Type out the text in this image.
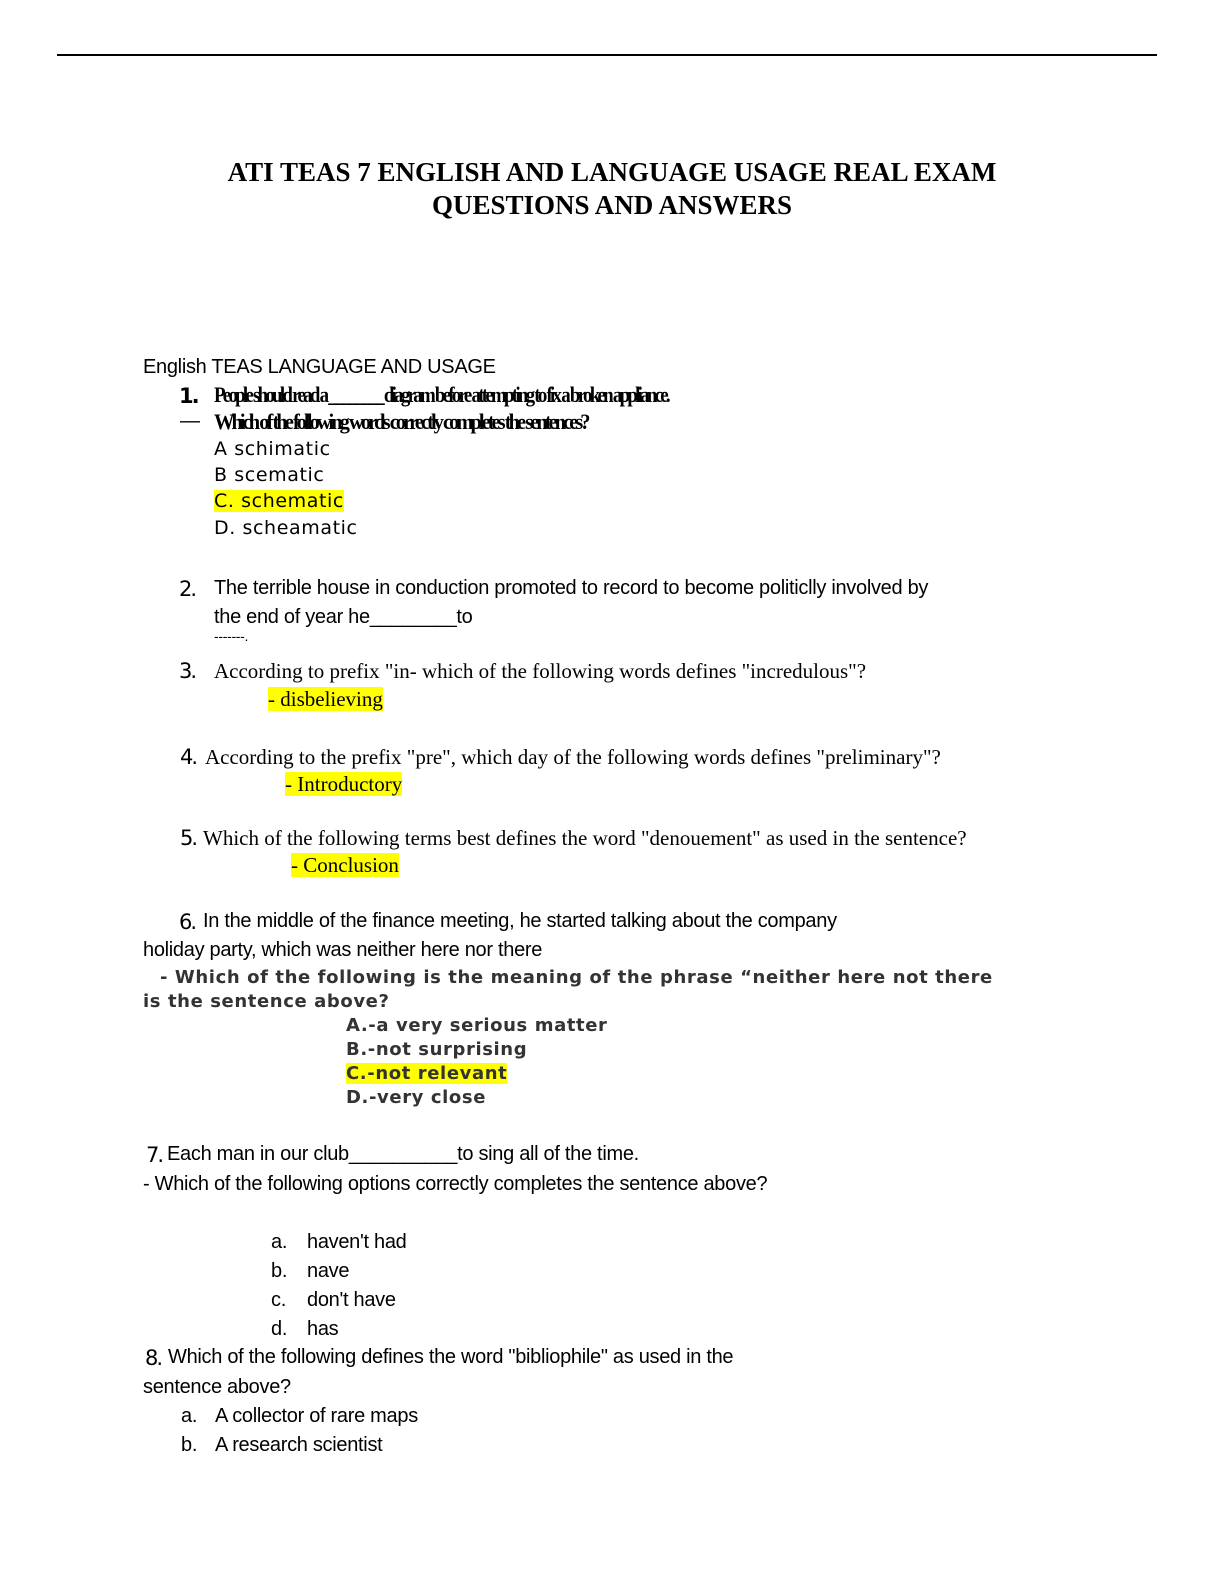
ATI TEAS 7 ENGLISH AND LANGUAGE USAGE REAL EXAM
QUESTIONS AND ANSWERS
English TEAS LANGUAGE AND USAGE
1. People should read a ________ diagram before attempting to fix a broken appliance.
— Which of the following words correctly completes the sentences?
A schimatic
B scematic
C. schematic
D. scheamatic
2. The terrible house in conduction promoted to record to become politiclly involved by
the end of year he________to
-------.
3. According to prefix "in- which of the following words defines "incredulous"?
- disbelieving
4. According to the prefix "pre", which day of the following words defines "preliminary"?
- Introductory
5. Which of the following terms best defines the word "denouement" as used in the sentence?
- Conclusion
6. In the middle of the finance meeting, he started talking about the company
holiday party, which was neither here nor there
- Which of the following is the meaning of the phrase “neither here not there
is the sentence above?
A.-a very serious matter
B.-not surprising
C.-not relevant
D.-very close
7. Each man in our club__________to sing all of the time.
- Which of the following options correctly completes the sentence above?
a. haven't had
b. nave
c. don't have
d. has
8. Which of the following defines the word "bibliophile" as used in the
sentence above?
a. A collector of rare maps
b. A research scientist
